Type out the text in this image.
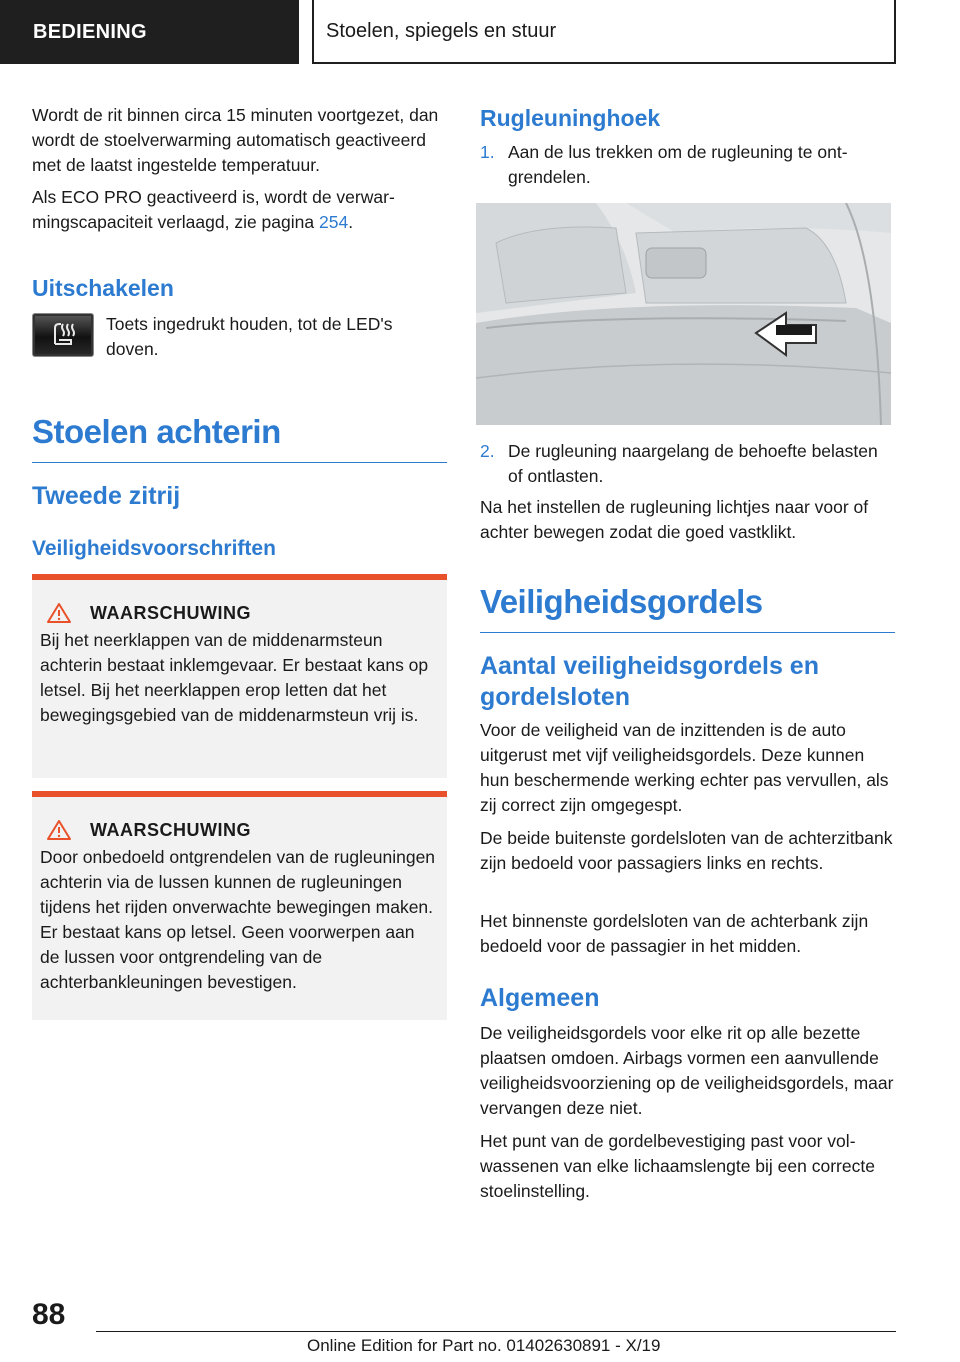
BEDIENING	Stoelen, spiegels en stuur

Wordt de rit binnen circa 15 minuten voortgezet, dan wordt de stoelverwarming automatisch geactiveerd met de laatst ingestelde temperatuur.

Als ECO PRO geactiveerd is, wordt de verwarmingscapaciteit verlaagd, zie pagina 254.

Uitschakelen

Toets ingedrukt houden, tot de LED's doven.

Stoelen achterin
Tweede zitrij
Veiligheidsvoorschriften
WAARSCHUWING

Bij het neerklappen van de middenarmsteun achterin bestaat inklemgevaar. Er bestaat kans op letsel. Bij het neerklappen erop letten dat het bewegingsgebied van de middenarmsteun vrij is.

WAARSCHUWING

Door onbedoeld ontgrendelen van de rugleuningen achterin via de lussen kunnen de rugleuningen tijdens het rijden onverwachte bewegingen maken. Er bestaat kans op letsel. Geen voorwerpen aan de lussen voor ontgrendeling van de achterbankleuningen bevestigen.

Rugleuninghoek
1. Aan de lus trekken om de rugleuning te ontgrendelen.
2. De rugleuning naargelang de behoefte belasten of ontlasten.

Na het instellen de rugleuning lichtjes naar voor of achter bewegen zodat die goed vastklikt.

Veiligheidsgordels
Aantal veiligheidsgordels en gordelsloten

Voor de veiligheid van de inzittenden is de auto uitgerust met vijf veiligheidsgordels. Deze kunnen hun beschermende werking echter pas vervullen, als zij correct zijn omgegespt.

De beide buitenste gordelsloten van de achterzitbank zijn bedoeld voor passagiers links en rechts.

Het binnenste gordelsloten van de achterbank zijn bedoeld voor de passagier in het midden.

Algemeen

De veiligheidsgordels voor elke rit op alle bezette plaatsen omdoen. Airbags vormen een aanvullende veiligheidsvoorziening op de veiligheidsgordels, maar vervangen deze niet.

Het punt van de gordelbevestiging past voor volwassenen van elke lichaamslengte bij een correcte stoelinstelling.

88
Online Edition for Part no. 01402630891 - X/19
